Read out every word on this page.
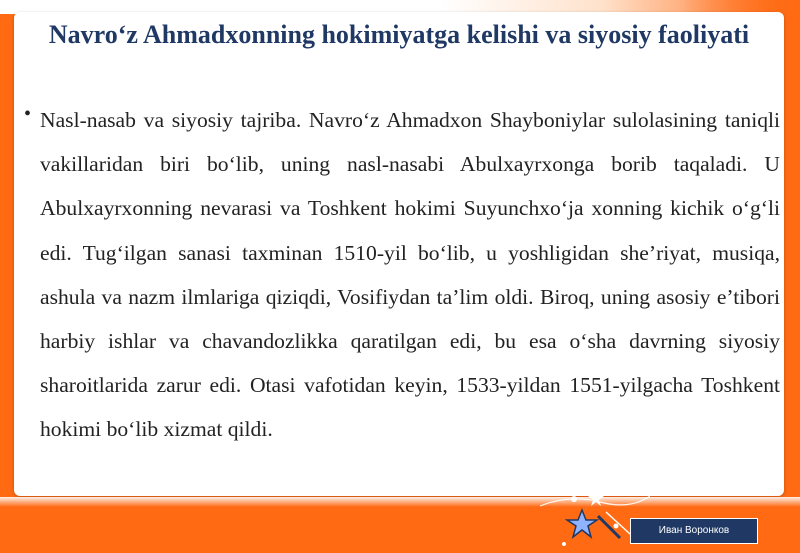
Navro‘z Ahmadxonning hokimiyatga kelishi va siyosiy faoliyati
• Nasl-nasab va siyosiy tajriba. Navro‘z Ahmadxon Shayboniylar sulolasining taniqli vakillaridan biri bo‘lib, uning nasl-nasabi Abulxayrxonga borib taqaladi. U Abulxayrxonning nevarasi va Toshkent hokimi Suyunchxo‘ja xonning kichik o‘g‘li edi. Tug‘ilgan sanasi taxminan 1510-yil bo‘lib, u yoshligidan she’riyat, musiqa, ashula va nazm ilmlariga qiziqdi, Vosifiydan ta’lim oldi. Biroq, uning asosiy e’tibori harbiy ishlar va chavandozlikka qaratilgan edi, bu esa o‘sha davrning siyosiy sharoitlarida zarur edi. Otasi vafotidan keyin, 1533-yildan 1551-yilgacha Toshkent hokimi bo‘lib xizmat qildi.
Иван Воронков
